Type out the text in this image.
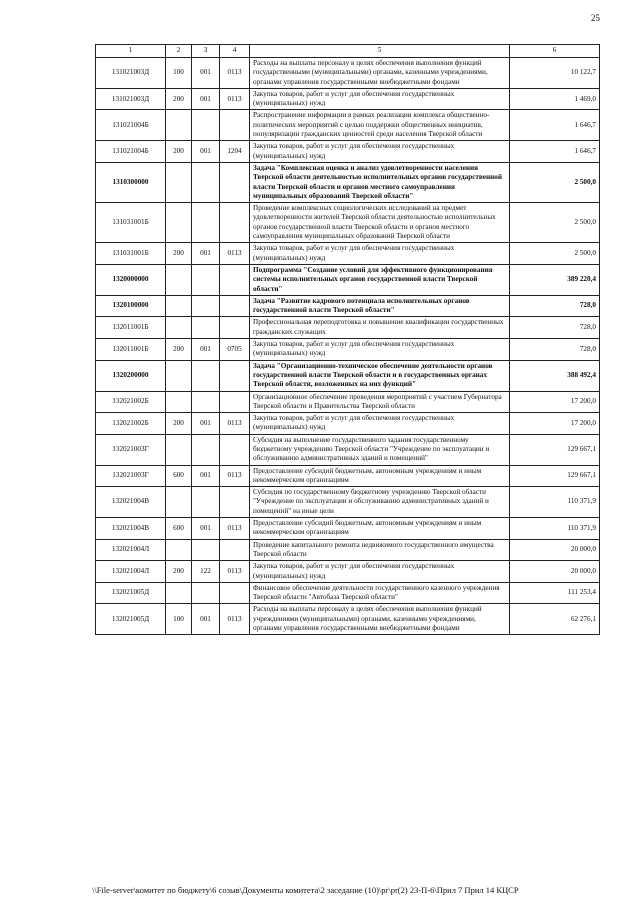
25
1	2	3	4	5	6
131021003Д	100	001	0113	Расходы на выплаты персоналу в целях обеспечения выполнения функций государственными (муниципальными) органами, казенными учреждениями, органами управления государственными внебюджетными фондами	10 122,7
131021003Д	200	001	0113	Закупка товаров, работ и услуг для обеспечения государственных (муниципальных) нужд	1 469,0
131021004Б				Распространение информации в рамках реализации комплекса общественно-политических мероприятий с целью поддержки общественных инициатив, популяризации гражданских ценностей среди населения Тверской области	1 646,7
131021004Б	200	001	1204	Закупка товаров, работ и услуг для обеспечения государственных (муниципальных) нужд	1 646,7
1310300000				Задача "Комплексная оценка и анализ удовлетворенности населения Тверской области деятельностью исполнительных органов государственной власти Тверской области и органов местного самоуправления муниципальных образований Тверской области"	2 500,0
131031001Б				Проведение комплексных социологических исследований на предмет удовлетворенности жителей Тверской области деятельностью исполнительных органов государственной власти Тверской области и органов местного самоуправления муниципальных образований Тверской области	2 500,0
131031001Б	200	001	0113	Закупка товаров, работ и услуг для обеспечения государственных (муниципальных) нужд	2 500,0
1320000000				Подпрограмма "Создание условий для эффективного функционирования системы исполнительных органов государственной власти Тверской области"	389 220,4
1320100000				Задача "Развитие кадрового потенциала исполнительных органов государственной власти Тверской области"	728,0
132011001Б				Профессиональная переподготовка и повышение квалификации государственных гражданских служащих	728,0
132011001Б	200	001	0705	Закупка товаров, работ и услуг для обеспечения государственных (муниципальных) нужд	728,0
1320200000				Задача "Организационно-техническое обеспечение деятельности органов государственной власти Тверской области и в государственных органах Тверской области, возложенных на них функций"	388 492,4
132021002Б				Организационное обеспечение проведения мероприятий с участием Губернатора Тверской области и Правительства Тверской области	17 200,0
132021002Б	200	001	0113	Закупка товаров, работ и услуг для обеспечения государственных (муниципальных) нужд	17 200,0
132021003Г				Субсидия на выполнение государственного задания государственному бюджетному учреждению Тверской области "Учреждение по эксплуатации и обслуживанию административных зданий и помещений"	129 667,1
132021003Г	600	001	0113	Предоставление субсидий бюджетным, автономным учреждениям и иным некоммерческим организациям	129 667,1
132021004В				Субсидия по государственному бюджетному учреждению Тверской области "Учреждение по эксплуатации и обслуживанию административных зданий и помещений" на иные цели	110 371,9
132021004В	600	001	0113	Предоставление субсидий бюджетным, автономным учреждениям и иным некоммерческим организациям	110 371,9
132021004Л				Проведение капитального ремонта недвижимого государственного имущества Тверской области	20 000,0
132021004Л	200	122	0113	Закупка товаров, работ и услуг для обеспечения государственных (муниципальных) нужд	20 000,0
132021005Д				Финансовое обеспечение деятельности государственного казенного учреждения Тверской области "Автобаза Тверской области"	111 253,4
132021005Д	100	001	0113	Расходы на выплаты персоналу в целях обеспечения выполнения функций учреждениями (муниципальными) органами, казенными учреждениями, органами управления государственными внебюджетными фондами	62 276,1
\\File-server\комитет по бюджету\6 созыв\Документы комитета\2 заседание (10)\pr\pr(2) 23-П-6\Прил 7 Прил 14 КЦСР
